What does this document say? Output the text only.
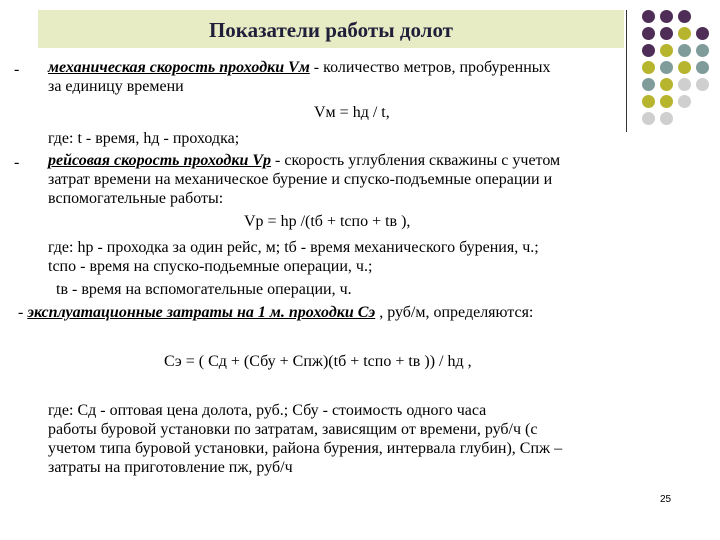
Показатели работы долот
- механическая скорость проходки Vм - количество метров, пробуренных
за единицу времени
Vм = hд / t,
где: t - время, hд - проходка;
- рейсовая скорость проходки Vр - скорость углубления скважины с учетом
затрат времени на механическое бурение и спуско-подъемные операции и
вспомогательные работы:
Vр = hр /(tб + tспо + tв ),
где: hр - проходка за один рейс, м; tб - время механического бурения, ч.;
tспо - время на спуско-подьемные операции, ч.;
tв - время на вспомогательные операции, ч.
- эксплуатационные затраты на 1 м. проходки Сэ , руб/м, определяются:
Сэ = ( Сд + (Сбу + Спж)(tб + tспо + tв )) / hд ,
где: Сд - оптовая цена долота, руб.; Сбу - стоимость одного часа
работы буровой установки по затратам, зависящим от времени, руб/ч (с
учетом типа буровой установки, района бурения, интервала глубин), Спж –
затраты на приготовление пж, руб/ч
25
